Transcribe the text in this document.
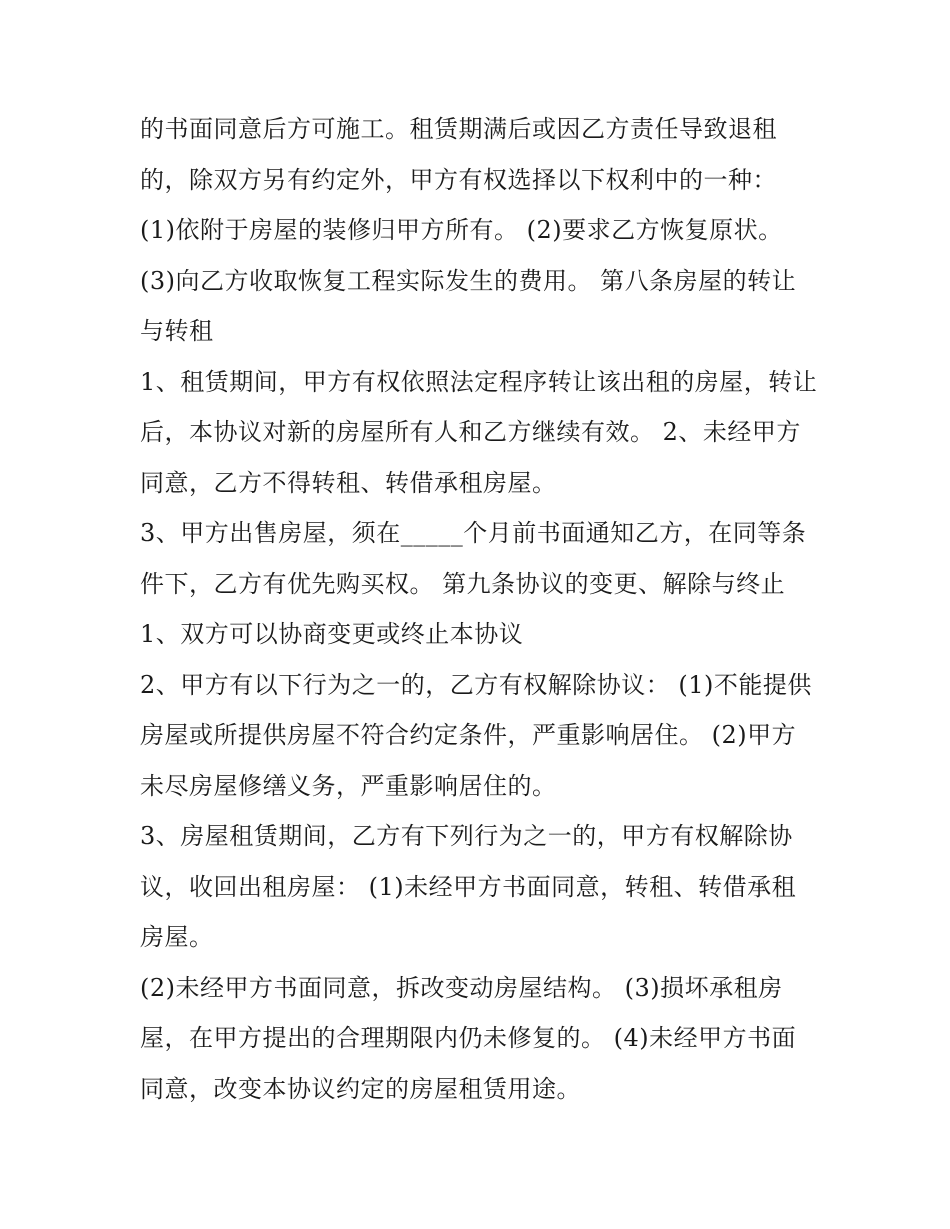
的书面同意后方可施工。租赁期满后或因乙方责任导致退租的，除双方另有约定外，甲方有权选择以下权利中的一种：

(1)依附于房屋的装修归甲方所有。 (2)要求乙方恢复原状。

(3)向乙方收取恢复工程实际发生的费用。 第八条房屋的转让与转租

1、租赁期间，甲方有权依照法定程序转让该出租的房屋，转让后，本协议对新的房屋所有人和乙方继续有效。 2、未经甲方同意，乙方不得转租、转借承租房屋。

3、甲方出售房屋，须在_____个月前书面通知乙方，在同等条件下，乙方有优先购买权。 第九条协议的变更、解除与终止 1、双方可以协商变更或终止本协议

2、甲方有以下行为之一的，乙方有权解除协议： (1)不能提供房屋或所提供房屋不符合约定条件，严重影响居住。 (2)甲方未尽房屋修缮义务，严重影响居住的。

3、房屋租赁期间，乙方有下列行为之一的，甲方有权解除协议，收回出租房屋： (1)未经甲方书面同意，转租、转借承租房屋。

(2)未经甲方书面同意，拆改变动房屋结构。 (3)损坏承租房屋，在甲方提出的合理期限内仍未修复的。 (4)未经甲方书面同意，改变本协议约定的房屋租赁用途。
